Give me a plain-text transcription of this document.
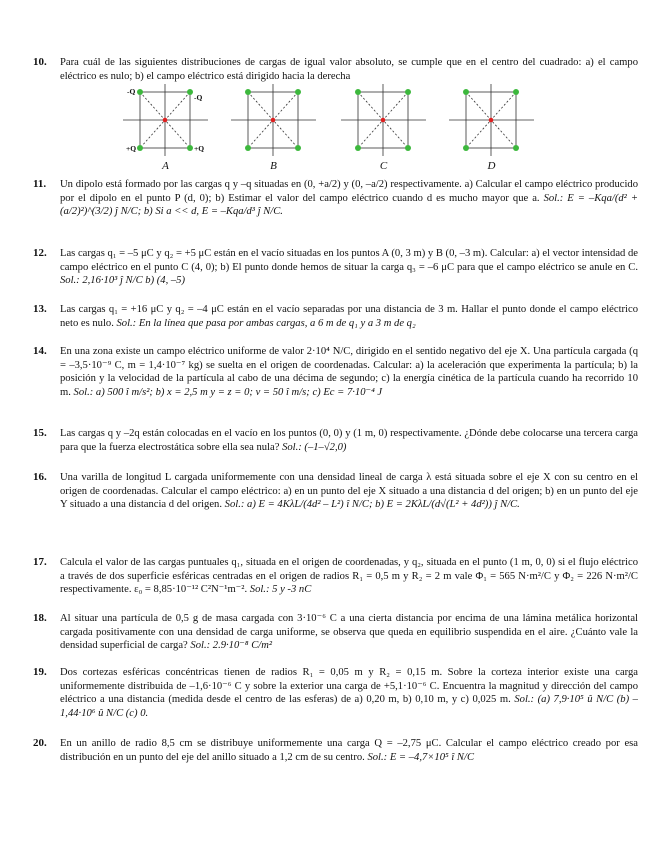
10. Para cuál de las siguientes distribuciones de cargas de igual valor absoluto, se cumple que en el centro del cuadrado: a) el campo eléctrico es nulo; b) el campo eléctrico está dirigido hacia la derecha
-Q
-Q
+Q	+Q
A	B	C	D
11. Un dipolo está formado por las cargas q y –q situadas en (0, +a/2) y (0, –a/2) respectivamente. a) Calcular el campo eléctrico producido por el dipolo en el punto P (d, 0); b) Estimar el valor del campo eléctrico cuando d es mucho mayor que a. Sol.: E = –Kqa/(d² + (a/2)²)^(3/2) ĵ N/C; b) Si a << d, E = –Kqa/d³ ĵ N/C.
12. Las cargas q₁ = –5 μC y q₂ = +5 μC están en el vacío situadas en los puntos A (0, 3 m) y B (0, –3 m). Calcular: a) el vector intensidad de campo eléctrico en el punto C (4, 0); b) El punto donde hemos de situar la carga q₃ = –6 μC para que el campo eléctrico se anule en C. Sol.: 2,16·10³ ĵ N/C b) (4, –5)
13. Las cargas q₁ = +16 μC y q₂ = –4 μC están en el vacío separadas por una distancia de 3 m. Hallar el punto donde el campo eléctrico neto es nulo. Sol.: En la línea que pasa por ambas cargas, a 6 m de q₁ y a 3 m de q₂
14. En una zona existe un campo eléctrico uniforme de valor 2·10⁴ N/C, dirigido en el sentido negativo del eje X. Una partícula cargada (q = –3,5·10⁻⁹ C, m = 1,4·10⁻⁷ kg) se suelta en el origen de coordenadas. Calcular: a) la aceleración que experimenta la partícula; b) la posición y la velocidad de la partícula al cabo de una décima de segundo; c) la energía cinética de la partícula cuando ha recorrido 10 m. Sol.: a) 500 î m/s²; b) x = 2,5 m y = z = 0; v = 50 î m/s; c) Ec = 7·10⁻⁴ J
15. Las cargas q y –2q están colocadas en el vacío en los puntos (0, 0) y (1 m, 0) respectivamente. ¿Dónde debe colocarse una tercera carga para que la fuerza electrostática sobre ella sea nula? Sol.: (–1–√2,0)
16. Una varilla de longitud L cargada uniformemente con una densidad lineal de carga λ está situada sobre el eje X con su centro en el origen de coordenadas. Calcular el campo eléctrico: a) en un punto del eje X situado a una distancia d del origen; b) en un punto del eje Y situado a una distancia d del origen. Sol.: a) E = 4KλL/(4d² – L²) î N/C; b) E = 2KλL/(d√(L² + 4d²)) ĵ N/C.
17. Calcula el valor de las cargas puntuales q₁, situada en el origen de coordenadas, y q₂, situada en el punto (1 m, 0, 0) si el flujo eléctrico a través de dos superficie esféricas centradas en el origen de radios R₁ = 0,5 m y R₂ = 2 m vale Φ₁ = 565 N·m²/C y Φ₂ = 226 N·m²/C respectivamente. ε₀ = 8,85·10⁻¹² C²N⁻¹m⁻². Sol.: 5 y -3 nC
18. Al situar una partícula de 0,5 g de masa cargada con 3·10⁻⁶ C a una cierta distancia por encima de una lámina metálica horizontal cargada positivamente con una densidad de carga uniforme, se observa que queda en equilibrio suspendida en el aire. ¿Cuánto vale la densidad superficial de carga? Sol.: 2.9·10⁻⁸ C/m²
19. Dos cortezas esféricas concéntricas tienen de radios R₁ = 0,05 m y R₂ = 0,15 m. Sobre la corteza interior existe una carga uniformemente distribuida de –1,6·10⁻⁶ C y sobre la exterior una carga de +5,1·10⁻⁶ C. Encuentra la magnitud y dirección del campo eléctrico a una distancia (medida desde el centro de las esferas) de a) 0,20 m, b) 0,10 m, y c) 0,025 m. Sol.: (a) 7,9·10⁵ û N/C (b) –1,44·10⁶ û N/C (c) 0.
20. En un anillo de radio 8,5 cm se distribuye uniformemente una carga Q = –2,75 μC. Calcular el campo eléctrico creado por esa distribución en un punto del eje del anillo situado a 1,2 cm de su centro. Sol.: E = –4,7×10⁵ î N/C
